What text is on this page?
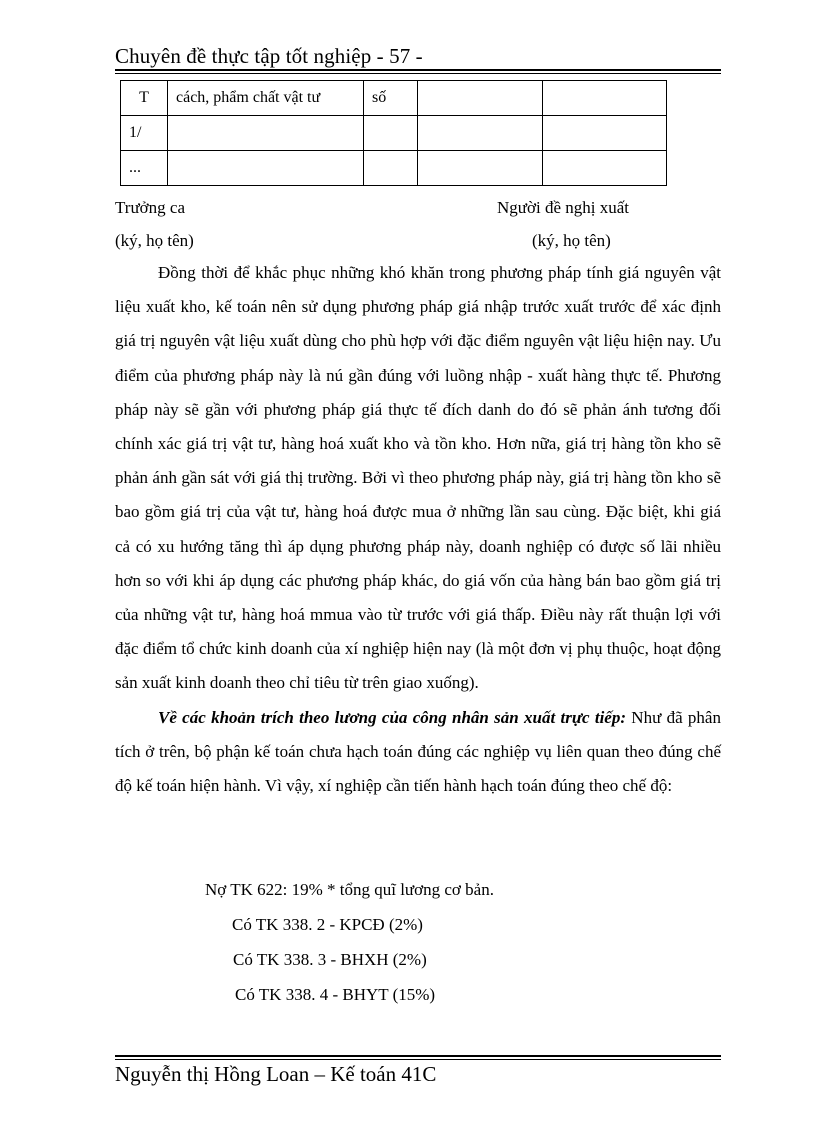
Chuyên đề thực tập tốt nghiệp - 57 -
T	cách, phẩm chất vật tư	số		
1/				
...				
Trưởng ca
(ký, họ tên)
Người đề nghị xuất
(ký, họ tên)

Đồng thời để khắc phục những khó khăn trong phương pháp tính giá nguyên vật liệu xuất kho, kế toán nên sử dụng phương pháp giá nhập trước xuất trước để xác định giá trị nguyên vật liệu xuất dùng cho phù hợp với đặc điểm nguyên vật liệu hiện nay. Ưu điểm của phương pháp này là nú gần đúng với luồng nhập - xuất hàng thực tế. Phương pháp này sẽ gần với phương pháp giá thực tế đích danh do đó sẽ phản ánh tương đối chính xác giá trị vật tư, hàng hoá xuất kho và tồn kho. Hơn nữa, giá trị hàng tồn kho sẽ phản ánh gần sát với giá thị trường. Bởi vì theo phương pháp này, giá trị hàng tồn kho sẽ bao gồm giá trị của vật tư, hàng hoá được mua ở những lần sau cùng. Đặc biệt, khi giá cả có xu hướng tăng thì áp dụng phương pháp này, doanh nghiệp có được số lãi nhiều hơn so với khi áp dụng các phương pháp khác, do giá vốn của hàng bán bao gồm giá trị của những vật tư, hàng hoá mmua vào từ trước với giá thấp. Điều này rất thuận lợi với đặc điểm tổ chức kinh doanh của xí nghiệp hiện nay (là một đơn vị phụ thuộc, hoạt động sản xuất kinh doanh theo chỉ tiêu từ trên giao xuống).

Về các khoản trích theo lương của công nhân sản xuất trực tiếp: Như đã phân tích ở trên, bộ phận kế toán chưa hạch toán đúng các nghiệp vụ liên quan theo đúng chế độ kế toán hiện hành. Vì vậy, xí nghiệp cần tiến hành hạch toán đúng theo chế độ:

Nợ TK 622: 19% * tổng quĩ lương cơ bản.
Có TK 338. 2 - KPCĐ (2%)
Có TK 338. 3 - BHXH (2%)
Có TK 338. 4 - BHYT (15%)
Nguyễn thị Hồng Loan – Kế toán 41C
